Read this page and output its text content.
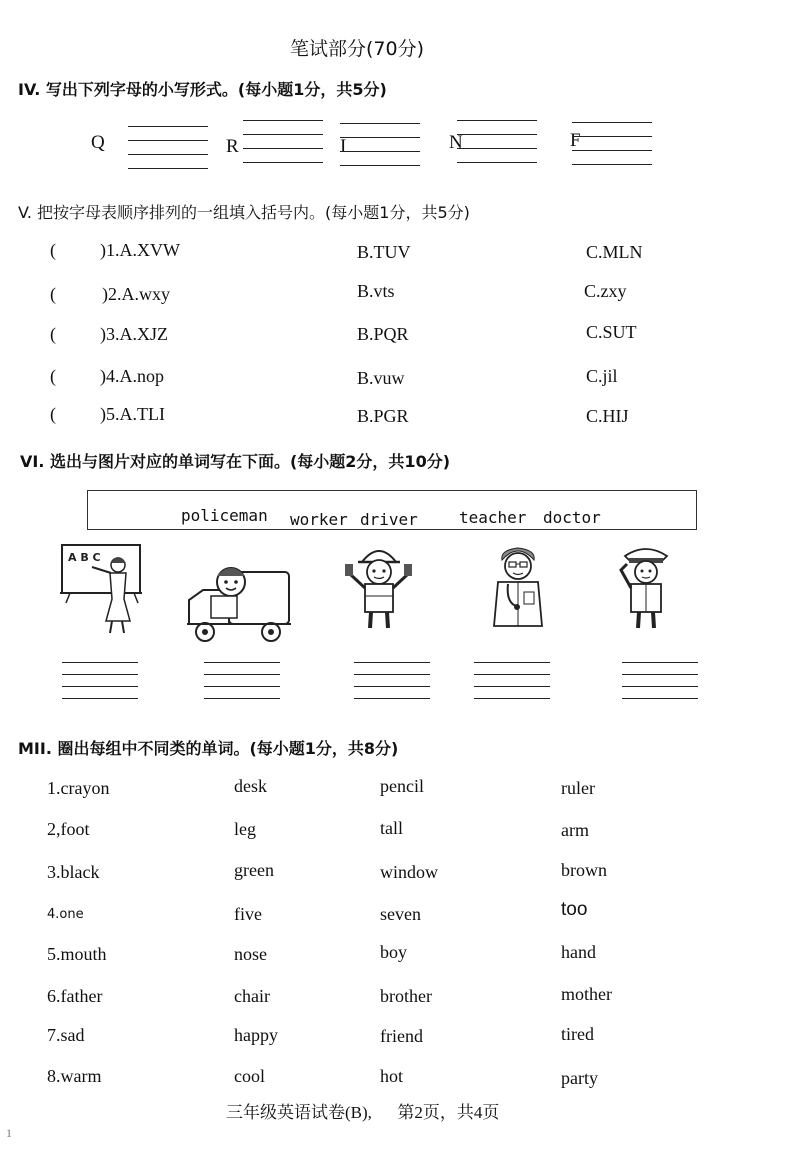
笔试部分(70分)
IV. 写出下列字母的小写形式。(每小题1分，共5分)
Q	R	I	N	F
V. 把按字母表顺序排列的一组填入括号内。(每小题1分，共5分)
( )1.A.XVW	B.TUV	C.MLN
(	)2.A.wxy	B.vts	C.zxy
( )3.A.XJZ	B.PQR	C.SUT
( )4.A.nop	B.vuw	C.jil
( )5.A.TLI	B.PGR	C.HIJ
VI. 选出与图片对应的单词写在下面。(每小题2分，共10分)
policeman worker driver	teacher doctor
A B C
MII. 圈出每组中不同类的单词。(每小题1分，共8分)
1.crayon	desk	pencil	ruler
2,foot	leg	tall	arm
3.black	green	window	brown
4.one	five	seven	too
5.mouth	nose	boy	hand
6.father	chair	brother	mother
7.sad	happy	friend	tired
8.warm	cool	hot	party
三年级英语试卷(B),      第2页，共4页
1
